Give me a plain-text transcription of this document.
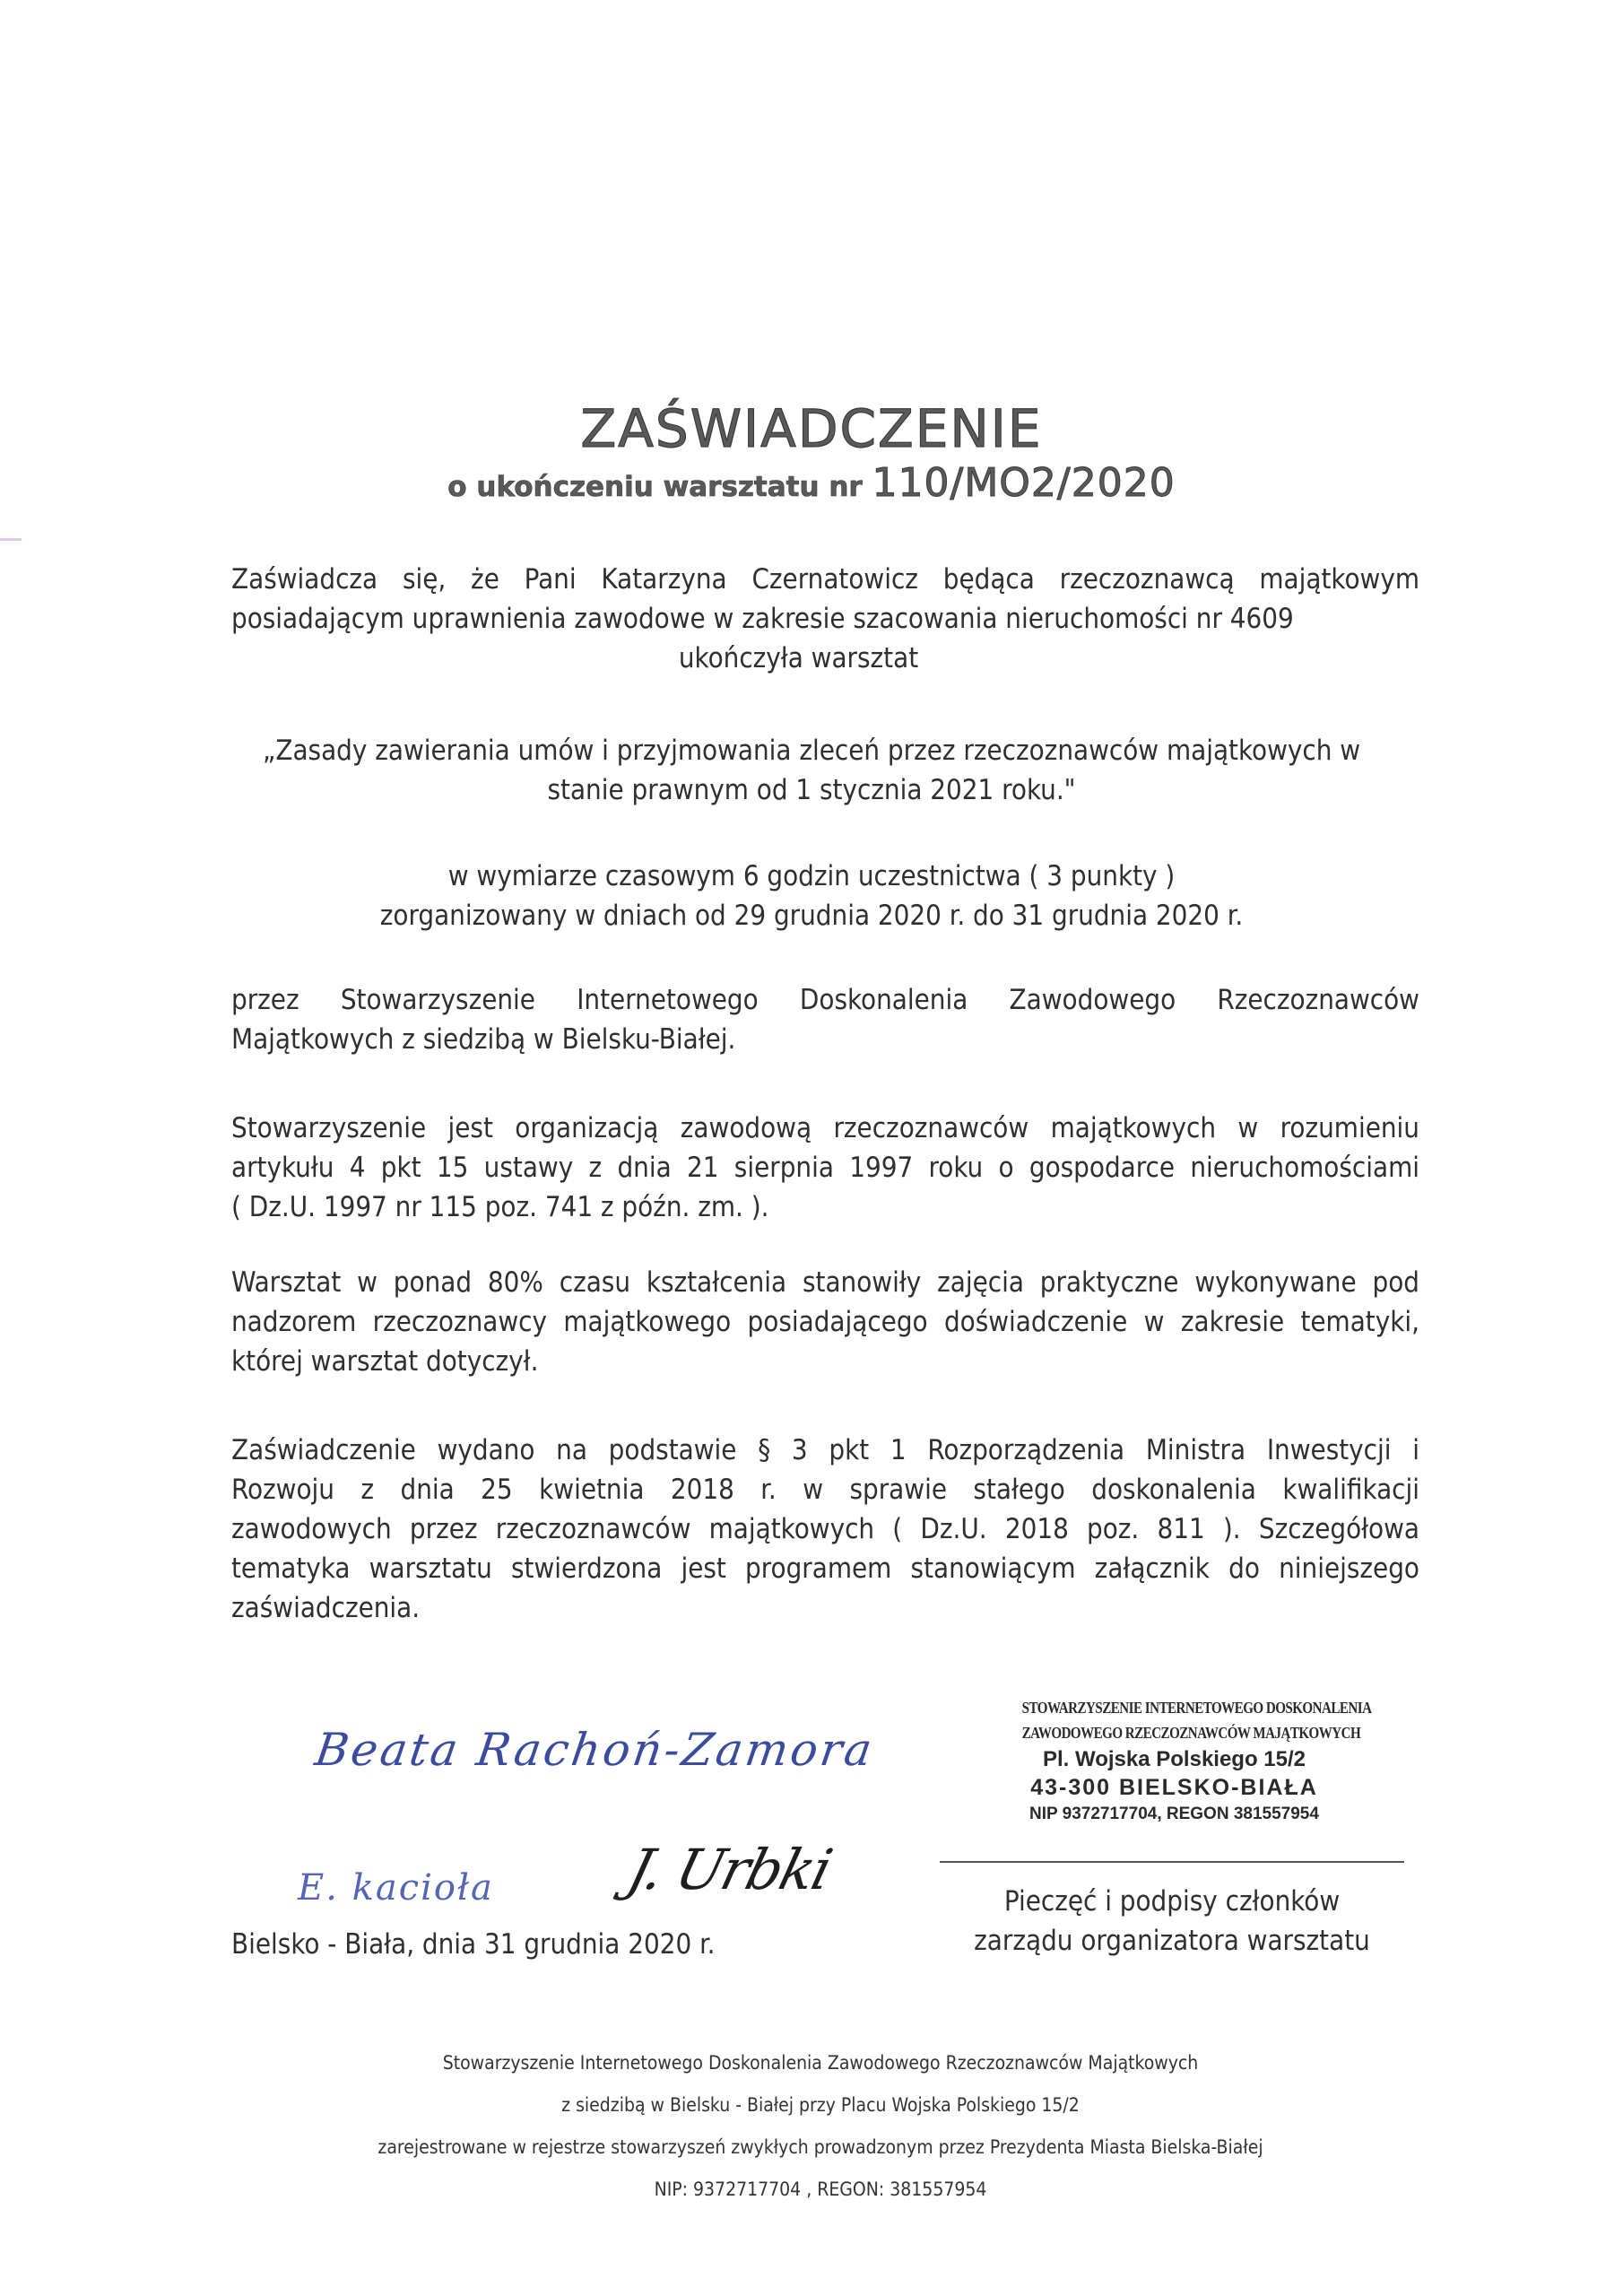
ZAŚWIADCZENIE
o ukończeniu warsztatu nr 110/MO2/2020
Zaświadcza się, że Pani Katarzyna Czernatowicz będąca rzeczoznawcą majątkowym
posiadającym uprawnienia zawodowe w zakresie szacowania nieruchomości nr 4609
ukończyła warsztat
„Zasady zawierania umów i przyjmowania zleceń przez rzeczoznawców majątkowych w
stanie prawnym od 1 stycznia 2021 roku."
w wymiarze czasowym 6 godzin uczestnictwa ( 3 punkty )
zorganizowany w dniach od 29 grudnia 2020 r. do 31 grudnia 2020 r.
przez Stowarzyszenie Internetowego Doskonalenia Zawodowego Rzeczoznawców
Majątkowych z siedzibą w Bielsku-Białej.
Stowarzyszenie jest organizacją zawodową rzeczoznawców majątkowych w rozumieniu
artykułu 4 pkt 15 ustawy z dnia 21 sierpnia 1997 roku o gospodarce nieruchomościami
( Dz.U. 1997 nr 115 poz. 741 z późn. zm. ).
Warsztat w ponad 80% czasu kształcenia stanowiły zajęcia praktyczne wykonywane pod
nadzorem rzeczoznawcy majątkowego posiadającego doświadczenie w zakresie tematyki,
której warsztat dotyczył.
Zaświadczenie wydano na podstawie § 3 pkt 1 Rozporządzenia Ministra Inwestycji i
Rozwoju z dnia 25 kwietnia 2018 r. w sprawie stałego doskonalenia kwalifikacji
zawodowych przez rzeczoznawców majątkowych ( Dz.U. 2018 poz. 811 ). Szczegółowa
tematyka warsztatu stwierdzona jest programem stanowiącym załącznik do niniejszego
zaświadczenia.
STOWARZYSZENIE INTERNETOWEGO DOSKONALENIA
ZAWODOWEGO RZECZOZNAWCÓW MAJĄTKOWYCH
Pl. Wojska Polskiego 15/2
43-300 BIELSKO-BIAŁA
NIP 9372717704, REGON 381557954
Beata Rachoń-Zamora
E. kacioła J. Urbki	Pieczęć i podpisy członków
zarządu organizatora warsztatu
Bielsko - Biała, dnia 31 grudnia 2020 r.
Stowarzyszenie Internetowego Doskonalenia Zawodowego Rzeczoznawców Majątkowych
z siedzibą w Bielsku - Białej przy Placu Wojska Polskiego 15/2
zarejestrowane w rejestrze stowarzyszeń zwykłych prowadzonym przez Prezydenta Miasta Bielska-Białej
NIP: 9372717704 , REGON: 381557954
